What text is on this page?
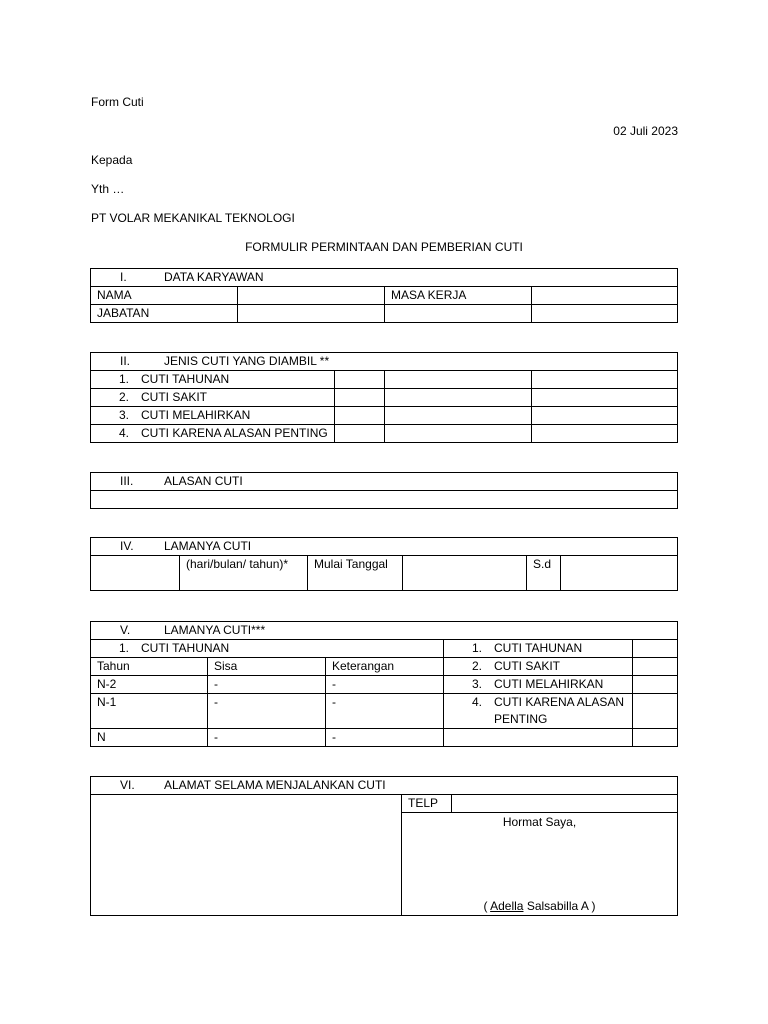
Form Cuti
02 Juli 2023
Kepada
Yth …
PT VOLAR MEKANIKAL TEKNOLOGI
FORMULIR PERMINTAAN DAN PEMBERIAN CUTI
I. DATA KARYAWAN			
NAMA		MASA KERJA	
JABATAN			
II. JENIS CUTI YANG DIAMBIL **			
1. CUTI TAHUNAN			
2. CUTI SAKIT			
3. CUTI MELAHIRKAN			
4. CUTI KARENA ALASAN PENTING			
III.	ALASAN CUTI

IV.	LAMANYA CUTI
	(hari/bulan/ tahun)*	Mulai Tanggal		S.d	
V. LAMANYA CUTI***				
1. CUTI TAHUNAN			1. CUTI TAHUNAN	
Tahun	Sisa	Keterangan	2. CUTI SAKIT	
N-2	-	-	3. CUTI MELAHIRKAN	
N-1	-	-	4. CUTI KARENA ALASAN PENTING	

N	-	-		
VI. ALAMAT SELAMA MENJALANKAN CUTI
	TELP	

Hormat Saya,
( Adella Salsabilla A )
